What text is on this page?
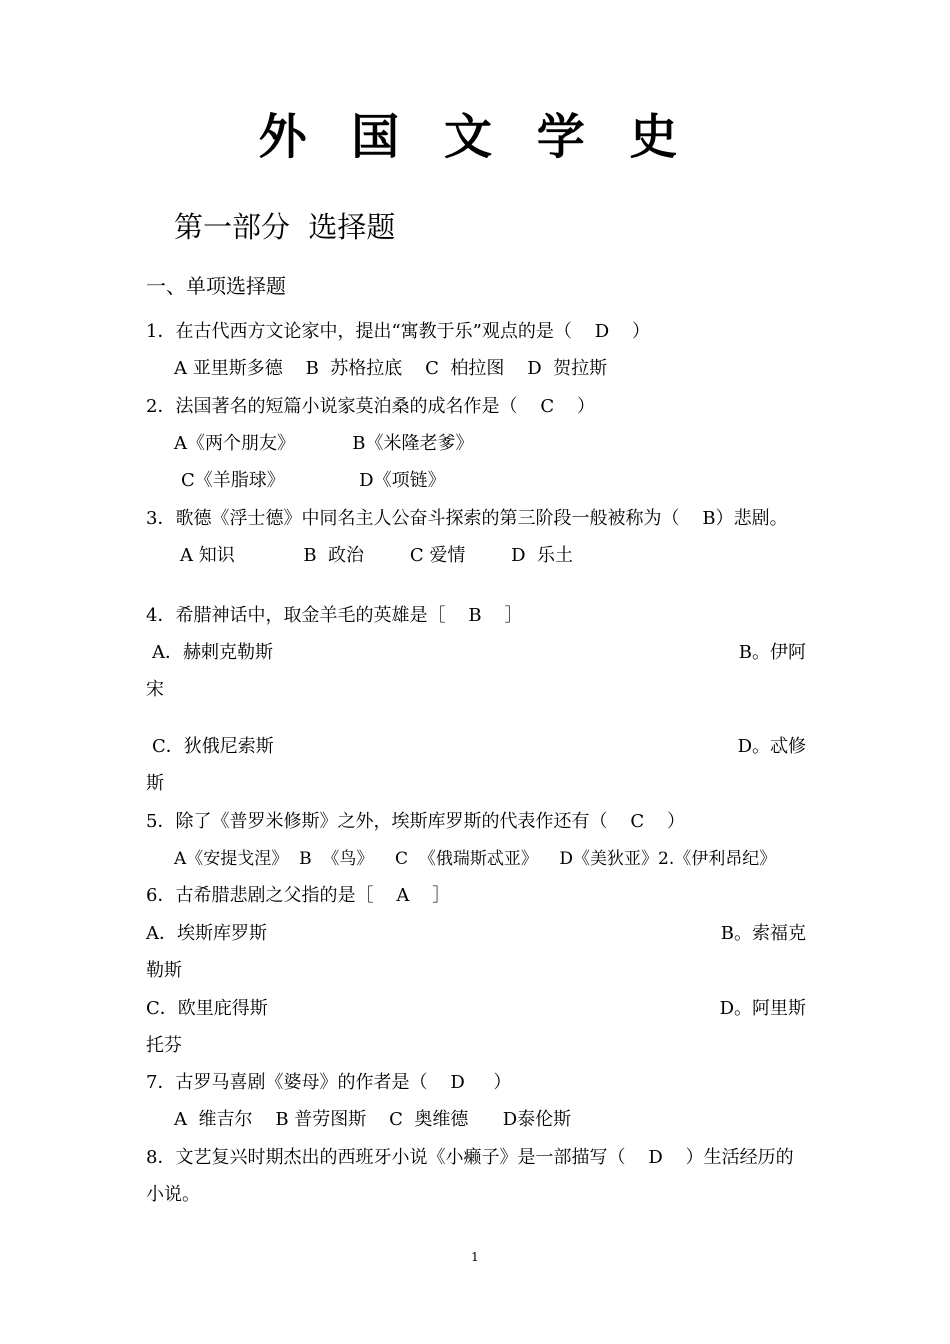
外 国 文 学 史
第一部分  选择题
一、单项选择题
1．在古代西方文论家中，提出“寓教于乐”观点的是（    D    ）
A 亚里斯多德    B  苏格拉底    C  柏拉图    D  贺拉斯
2．法国著名的短篇小说家莫泊桑的成名作是（    C    ）
A《两个朋友》          B《米隆老爹》
C《羊脂球》             D《项链》
3．歌德《浮士德》中同名主人公奋斗探索的第三阶段一般被称为（    B）悲剧。
A 知识            B  政治        C 爱情        D  乐土
4．希腊神话中，取金羊毛的英雄是［    B    ］
A．赫剌克勒斯	B。伊阿
宋
C．狄俄尼索斯	D。忒修
斯
5．除了《普罗米修斯》之外，埃斯库罗斯的代表作还有（    C    ）
A《安提戈涅》  B  《鸟》    C  《俄瑞斯忒亚》    D《美狄亚》2.《伊利昂纪》
6．古希腊悲剧之父指的是［    A    ］
A．埃斯库罗斯	B。索福克
勒斯
C．欧里庇得斯	D。阿里斯
托芬
7．古罗马喜剧《婆母》的作者是（    D     ）
A  维吉尔    B 普劳图斯    C  奥维德      D泰伦斯
8．文艺复兴时期杰出的西班牙小说《小癞子》是一部描写（    D    ）生活经历的
小说。
1
